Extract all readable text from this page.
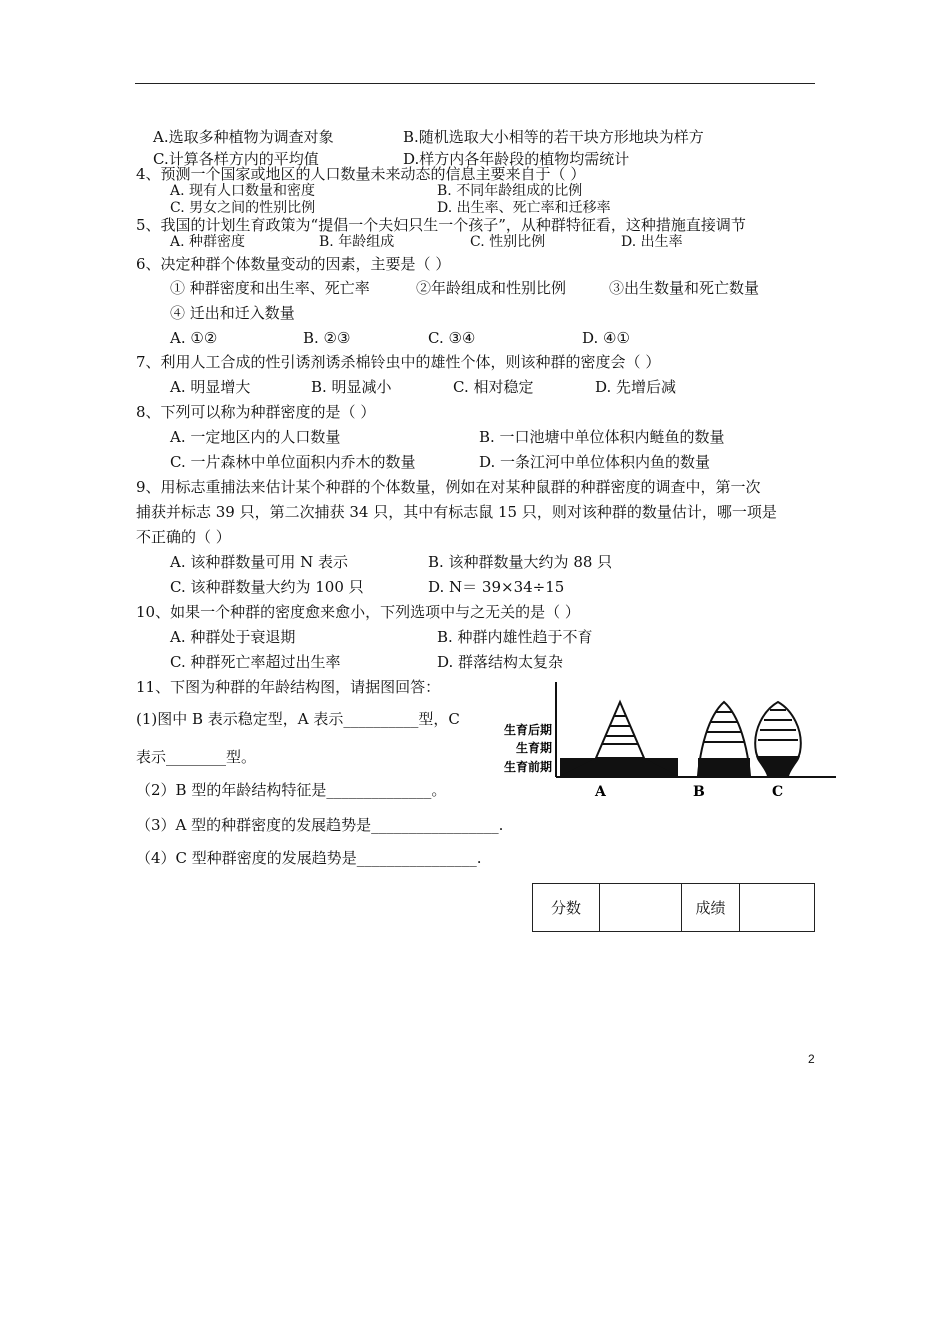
A.选取多种植物为调查对象	B.随机选取大小相等的若干块方形地块为样方
C.计算各样方内的平均值	D.样方内各年龄段的植物均需统计
4、预测一个国家或地区的人口数量未来动态的信息主要来自于（ ）
A. 现有人口数量和密度	B. 不同年龄组成的比例
C. 男女之间的性别比例	D. 出生率、死亡率和迁移率
5、我国的计划生育政策为“提倡一个夫妇只生一个孩子”，从种群特征看，这种措施直接调节
A. 种群密度	B. 年龄组成	C. 性别比例	D. 出生率
6、决定种群个体数量变动的因素，主要是（ ）
① 种群密度和出生率、死亡率	②年龄组成和性别比例	③出生数量和死亡数量
④ 迁出和迁入数量
A. ①②	B. ②③	C. ③④	D. ④①
7、利用人工合成的性引诱剂诱杀棉铃虫中的雄性个体，则该种群的密度会（ ）
A. 明显增大	B. 明显减小	C. 相对稳定	D. 先增后减
8、下列可以称为种群密度的是（ ）
A. 一定地区内的人口数量	B. 一口池塘中单位体积内鲢鱼的数量
C. 一片森林中单位面积内乔木的数量	D. 一条江河中单位体积内鱼的数量
9、用标志重捕法来估计某个种群的个体数量，例如在对某种鼠群的种群密度的调查中，第一次
捕获并标志 39 只，第二次捕获 34 只，其中有标志鼠 15 只，则对该种群的数量估计，哪一项是
不正确的（ ）
A. 该种群数量可用 N 表示	B. 该种群数量大约为 88 只
C. 该种群数量大约为 100 只	D. N＝ 39×34÷15
10、如果一个种群的密度愈来愈小，下列选项中与之无关的是（ ）
A. 种群处于衰退期	B. 种群内雄性趋于不育
C. 种群死亡率超过出生率	D. 群落结构太复杂
11、下图为种群的年龄结构图，请据图回答：
(1)图中 B 表示稳定型，A 表示__________型，C
表示________型。
（2）B 型的年龄结构特征是______________。
（3）A 型的种群密度的发展趋势是_________________.
（4）C 型种群密度的发展趋势是________________.
生育后期
生育期
生育前期
A	B	C
分数		成绩	
2
